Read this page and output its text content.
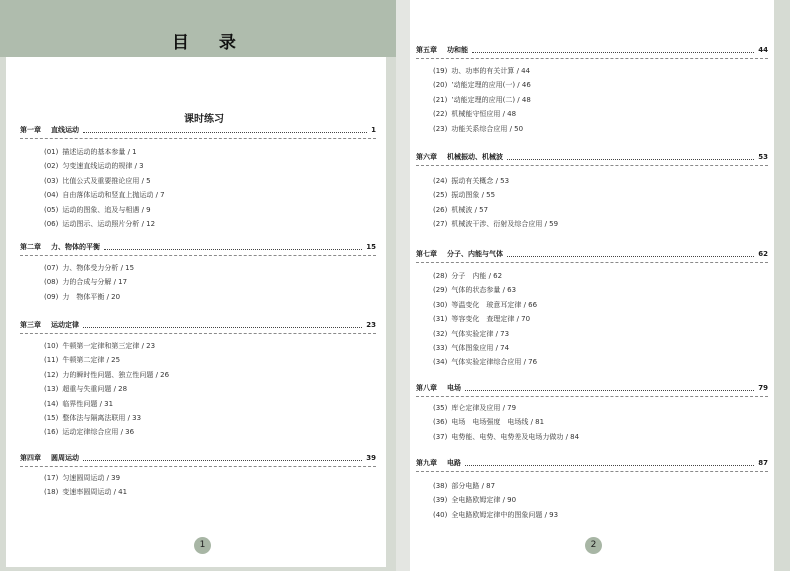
目 录
课时练习
第一章 直线运动	1
(01) 描述运动的基本参量 / 1
(02) 匀变速直线运动的规律 / 3
(03) 比值公式及重要推论应用 / 5
(04) 自由落体运动和竖直上抛运动 / 7
(05) 运动的图象、追及与相遇 / 9
(06) 运动图示、运动照片分析 / 12
第二章 力、物体的平衡	15
(07) 力、物体受力分析 / 15
(08) 力的合成与分解 / 17
(09) 力　物体平衡 / 20
第三章 运动定律	23
(10) 牛顿第一定律和第三定律 / 23
(11) 牛顿第二定律 / 25
(12) 力的瞬时性问题、独立性问题 / 26
(13) 超重与失重问题 / 28
(14) 临界性问题 / 31
(15) 整体法与隔离法联用 / 33
(16) 运动定律综合应用 / 36
第四章 圆周运动	39
(17) 匀速圆周运动 / 39
(18) 变速率圆周运动 / 41
第五章 功和能	44
(19) 功、功率的有关计算 / 44
(20) ’动能定理的应用(一) / 46
(21) ’动能定理的应用(二) / 48
(22) 机械能守恒应用 / 48
(23) 功能关系综合应用 / 50
第六章 机械振动、机械波	53
(24) 振动有关概念 / 53
(25) 振动图象 / 55
(26) 机械波 / 57
(27) 机械波干涉、衍射及综合应用 / 59
第七章 分子、内能与气体	62
(28) 分子　内能 / 62
(29) 气体的状态参量 / 63
(30) 等温变化　玻意耳定律 / 66
(31) 等容变化　查理定律 / 70
(32) 气体实验定律 / 73
(33) 气体图象应用 / 74
(34) 气体实验定律综合应用 / 76
第八章 电场	79
(35) 库仑定律及应用 / 79
(36) 电场　电场强度　电场线 / 81
(37) 电势能、电势、电势差及电场力做功 / 84
第九章 电路	87
(38) 部分电路 / 87
(39) 全电路欧姆定律 / 90
(40) 全电路欧姆定律中的图象问题 / 93
1	2
